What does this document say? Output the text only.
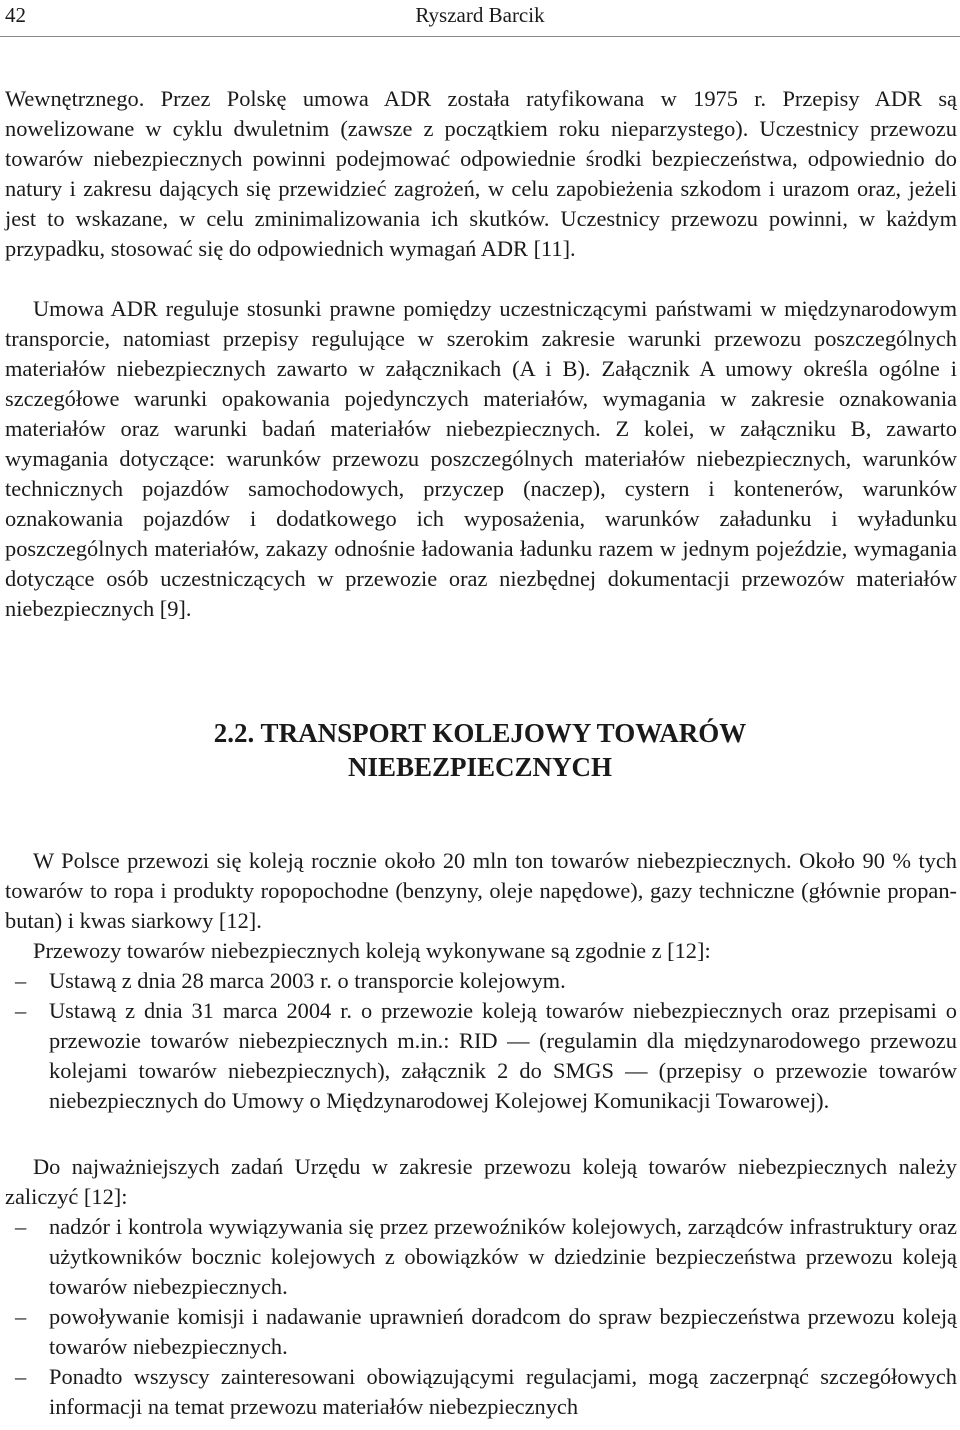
42	Ryszard Barcik

Wewnętrznego. Przez Polskę umowa ADR została ratyfikowana w 1975 r. Przepisy ADR są nowelizowane w cyklu dwuletnim (zawsze z początkiem roku nieparzystego). Uczestnicy przewozu towarów niebezpiecznych powinni podejmować odpowiednie środki bezpieczeństwa, odpowiednio do natury i zakresu dających się przewidzieć zagrożeń, w celu zapobieżenia szkodom i urazom oraz, jeżeli jest to wskazane, w celu zminimalizowania ich skutków. Uczestnicy przewozu powinni, w każdym przypadku, stosować się do odpowiednich wymagań ADR [11].

Umowa ADR reguluje stosunki prawne pomiędzy uczestniczącymi państwami w międzynarodowym transporcie, natomiast przepisy regulujące w szerokim zakresie warunki przewozu poszczególnych materiałów niebezpiecznych zawarto w załącznikach (A i B). Załącznik A umowy określa ogólne i szczegółowe warunki opakowania pojedynczych materiałów, wymagania w zakresie oznakowania materiałów oraz warunki badań materiałów niebezpiecznych. Z kolei, w załączniku B, zawarto wymagania dotyczące: warunków przewozu poszczególnych materiałów niebezpiecznych, warunków technicznych pojazdów samochodowych, przyczep (naczep), cystern i kontenerów, warunków oznakowania pojazdów i dodatkowego ich wyposażenia, warunków załadunku i wyładunku poszczególnych materiałów, zakazy odnośnie ładowania ładunku razem w jednym pojeździe, wymagania dotyczące osób uczestniczących w przewozie oraz niezbędnej dokumentacji przewozów materiałów niebezpiecznych [9].

2.2. TRANSPORT KOLEJOWY TOWARÓW
NIEBEZPIECZNYCH

W Polsce przewozi się koleją rocznie około 20 mln ton towarów niebezpiecznych. Około 90 % tych towarów to ropa i produkty ropopochodne (benzyny, oleje napędowe), gazy techniczne (głównie propan-butan) i kwas siarkowy [12].

Przewozy towarów niebezpiecznych koleją wykonywane są zgodnie z [12]:

– Ustawą z dnia 28 marca 2003 r. o transporcie kolejowym.
– Ustawą z dnia 31 marca 2004 r. o przewozie koleją towarów niebezpiecznych oraz przepisami o przewozie towarów niebezpiecznych m.in.: RID — (regulamin dla międzynarodowego przewozu kolejami towarów niebezpiecznych), załącznik 2 do SMGS — (przepisy o przewozie towarów niebezpiecznych do Umowy o Międzynarodowej Kolejowej Komunikacji Towarowej).

Do najważniejszych zadań Urzędu w zakresie przewozu koleją towarów niebezpiecznych należy zaliczyć [12]:

– nadzór i kontrola wywiązywania się przez przewoźników kolejowych, zarządców infrastruktury oraz użytkowników bocznic kolejowych z obowiązków w dziedzinie bezpieczeństwa przewozu koleją towarów niebezpiecznych.
– powoływanie komisji i nadawanie uprawnień doradcom do spraw bezpieczeństwa przewozu koleją towarów niebezpiecznych.
– Ponadto wszyscy zainteresowani obowiązującymi regulacjami, mogą zaczerpnąć szczegółowych informacji na temat przewozu materiałów niebezpiecznych
